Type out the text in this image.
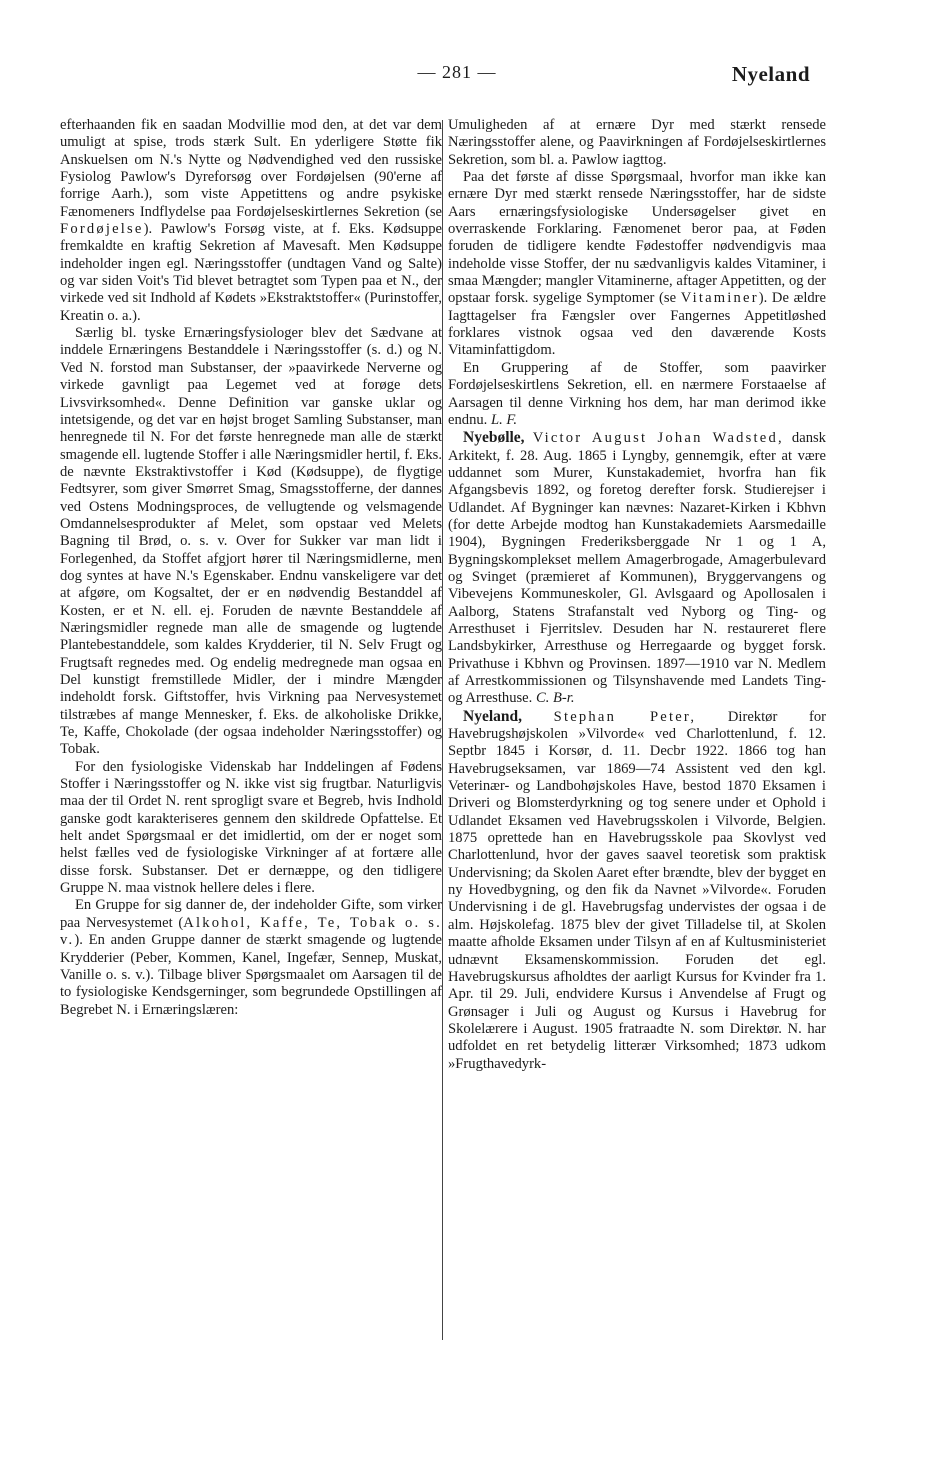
— 281 —	Nyeland

efterhaanden fik en saadan Modvillie mod den, at det var dem umuligt at spise, trods stærk Sult. En yderligere Støtte fik Anskuelsen om N.'s Nytte og Nødvendighed ved den russiske Fysiolog Pawlow's Dyreforsøg over Fordøjelsen (90'erne af forrige Aarh.), som viste Appetittens og andre psykiske Fænomeners Indflydelse paa Fordøjelseskirtlernes Sekretion (se Fordøjelse). Pawlow's Forsøg viste, at f. Eks. Kødsuppe fremkaldte en kraftig Sekretion af Mavesaft. Men Kødsuppe indeholder ingen egl. Næringsstoffer (undtagen Vand og Salte) og var siden Voit's Tid blevet betragtet som Typen paa et N., der virkede ved sit Indhold af Kødets »Ekstraktstoffer« (Purinstoffer, Kreatin o. a.).

Særlig bl. tyske Ernæringsfysiologer blev det Sædvane at inddele Ernæringens Bestanddele i Næringsstoffer (s. d.) og N. Ved N. forstod man Substanser, der »paavirkede Nerverne og virkede gavnligt paa Legemet ved at forøge dets Livsvirksomhed«. Denne Definition var ganske uklar og intetsigende, og det var en højst broget Samling Substanser, man henregnede til N. For det første henregnede man alle de stærkt smagende ell. lugtende Stoffer i alle Næringsmidler hertil, f. Eks. de nævnte Ekstraktivstoffer i Kød (Kødsuppe), de flygtige Fedtsyrer, som giver Smørret Smag, Smagsstofferne, der dannes ved Ostens Modningsproces, de vellugtende og velsmagende Omdannelsesprodukter af Melet, som opstaar ved Melets Bagning til Brød, o. s. v. Over for Sukker var man lidt i Forlegenhed, da Stoffet afgjort hører til Næringsmidlerne, men dog syntes at have N.'s Egenskaber. Endnu vanskeligere var det at afgøre, om Kogsaltet, der er en nødvendig Bestanddel af Kosten, er et N. ell. ej. Foruden de nævnte Bestanddele af Næringsmidler regnede man alle de smagende og lugtende Plantebestanddele, som kaldes Krydderier, til N. Selv Frugt og Frugtsaft regnedes med. Og endelig medregnede man ogsaa en Del kunstigt fremstillede Midler, der i mindre Mængder indeholdt forsk. Giftstoffer, hvis Virkning paa Nervesystemet tilstræbes af mange Mennesker, f. Eks. de alkoholiske Drikke, Te, Kaffe, Chokolade (der ogsaa indeholder Næringsstoffer) og Tobak.

For den fysiologiske Videnskab har Inddelingen af Fødens Stoffer i Næringsstoffer og N. ikke vist sig frugtbar. Naturligvis maa der til Ordet N. rent sprogligt svare et Begreb, hvis Indhold ganske godt karakteriseres gennem den skildrede Opfattelse. Et helt andet Spørgsmaal er det imidlertid, om der er noget som helst fælles ved de fysiologiske Virkninger af at fortære alle disse forsk. Substanser. Det er dernæppe, og den tidligere Gruppe N. maa vistnok hellere deles i flere.

En Gruppe for sig danner de, der indeholder Gifte, som virker paa Nervesystemet (Alkohol, Kaffe, Te, Tobak o. s. v.). En anden Gruppe danner de stærkt smagende og lugtende Krydderier (Peber, Kommen, Kanel, Ingefær, Sennep, Muskat, Vanille o. s. v.). Tilbage bliver Spørgsmaalet om Aarsagen til de to fysiologiske Kendsgerninger, som begrundede Opstillingen af Begrebet N. i Ernæringslæren:

Umuligheden af at ernære Dyr med stærkt rensede Næringsstoffer alene, og Paavirkningen af Fordøjelseskirtlernes Sekretion, som bl. a. Pawlow iagttog.

Paa det første af disse Spørgsmaal, hvorfor man ikke kan ernære Dyr med stærkt rensede Næringsstoffer, har de sidste Aars ernæringsfysiologiske Undersøgelser givet en overraskende Forklaring. Fænomenet beror paa, at Føden foruden de tidligere kendte Fødestoffer nødvendigvis maa indeholde visse Stoffer, der nu sædvanligvis kaldes Vitaminer, i smaa Mængder; mangler Vitaminerne, aftager Appetitten, og der opstaar forsk. sygelige Symptomer (se Vitaminer). De ældre Iagttagelser fra Fængsler over Fangernes Appetitløshed forklares vistnok ogsaa ved den daværende Kosts Vitaminfattigdom.

En Gruppering af de Stoffer, som paavirker Fordøjelseskirtlens Sekretion, ell. en nærmere Forstaaelse af Aarsagen til denne Virkning hos dem, har man derimod ikke endnu. L. F.

Nyebølle, Victor August Johan Wadsted, dansk Arkitekt, f. 28. Aug. 1865 i Lyngby, gennemgik, efter at være uddannet som Murer, Kunstakademiet, hvorfra han fik Afgangsbevis 1892, og foretog derefter forsk. Studierejser i Udlandet. Af Bygninger kan nævnes: Nazaret-Kirken i Kbhvn (for dette Arbejde modtog han Kunstakademiets Aarsmedaille 1904), Bygningen Frederiksberggade Nr 1 og 1 A, Bygningskomplekset mellem Amagerbrogade, Amagerbulevard og Svinget (præmieret af Kommunen), Bryggervangens og Vibevejens Kommuneskoler, Gl. Avlsgaard og Apollosalen i Aalborg, Statens Strafanstalt ved Nyborg og Ting- og Arresthuset i Fjerritslev. Desuden har N. restaureret flere Landsbykirker, Arresthuse og Herregaarde og bygget forsk. Privathuse i Kbhvn og Provinsen. 1897—1910 var N. Medlem af Arrestkommissionen og Tilsynshavende med Landets Ting- og Arresthuse. C. B-r.

Nyeland, Stephan Peter, Direktør for Havebrugshøjskolen »Vilvorde« ved Charlottenlund, f. 12. Septbr 1845 i Korsør, d. 11. Decbr 1922. 1866 tog han Havebrugseksamen, var 1869—74 Assistent ved den kgl. Veterinær- og Landbohøjskoles Have, bestod 1870 Eksamen i Driveri og Blomsterdyrkning og tog senere under et Ophold i Udlandet Eksamen ved Havebrugsskolen i Vilvorde, Belgien. 1875 oprettede han en Havebrugsskole paa Skovlyst ved Charlottenlund, hvor der gaves saavel teoretisk som praktisk Undervisning; da Skolen Aaret efter brændte, blev der bygget en ny Hovedbygning, og den fik da Navnet »Vilvorde«. Foruden Undervisning i de gl. Havebrugsfag undervistes der ogsaa i de alm. Højskolefag. 1875 blev der givet Tilladelse til, at Skolen maatte afholde Eksamen under Tilsyn af en af Kultusministeriet udnævnt Eksamenskommission. Foruden det egl. Havebrugskursus afholdtes der aarligt Kursus for Kvinder fra 1. Apr. til 29. Juli, endvidere Kursus i Anvendelse af Frugt og Grønsager i Juli og August og Kursus i Havebrug for Skolelærere i August. 1905 fratraadte N. som Direktør. N. har udfoldet en ret betydelig litterær Virksomhed; 1873 udkom »Frugthavedyrk-
